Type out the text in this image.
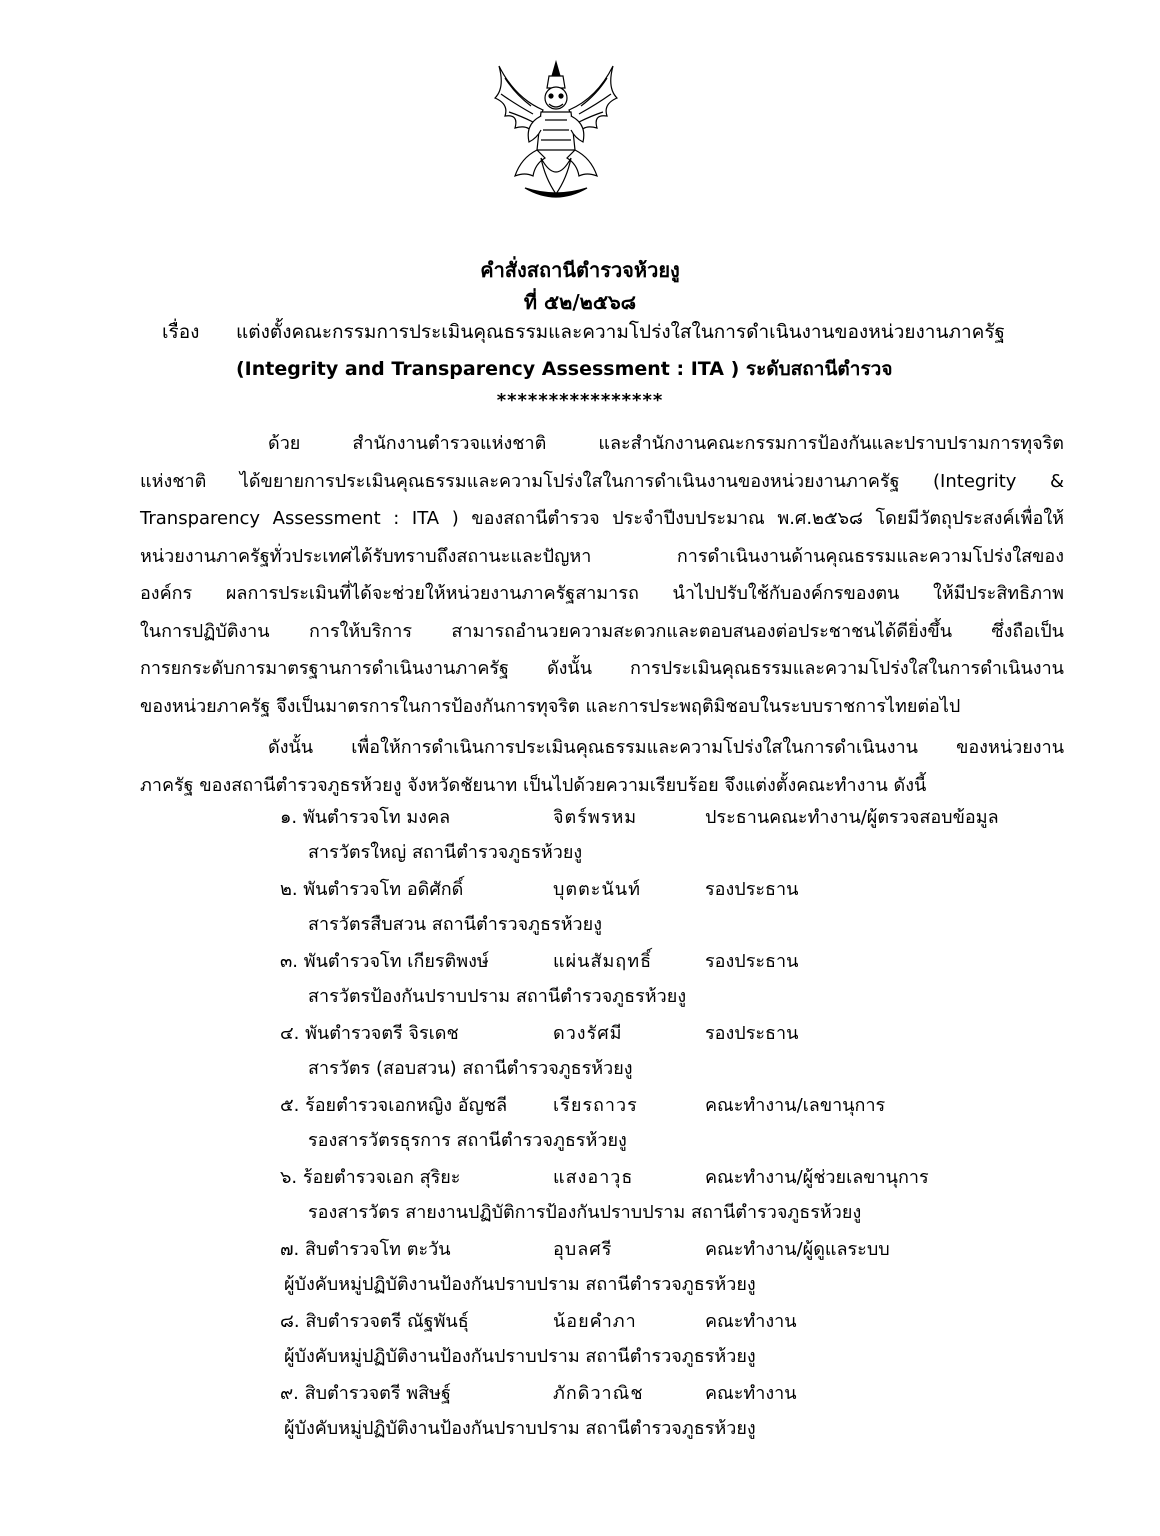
คำสั่งสถานีตำรวจห้วยงู
ที่ ๕๒/๒๕๖๘
เรื่อง แต่งตั้งคณะกรรมการประเมินคุณธรรมและความโปร่งใสในการดำเนินงานของหน่วยงานภาครัฐ
(Integrity and Transparency Assessment : ITA ) ระดับสถานีตำรวจ
****************
ด้วย สำนักงานตำรวจแห่งชาติ และสำนักงานคณะกรรมการป้องกันและปราบปรามการทุจริต
แห่งชาติ ได้ขยายการประเมินคุณธรรมและความโปร่งใสในการดำเนินงานของหน่วยงานภาครัฐ (Integrity &
Transparency Assessment : ITA ) ของสถานีตำรวจ ประจำปีงบประมาณ พ.ศ.๒๕๖๘ โดยมีวัตถุประสงค์เพื่อให้
หน่วยงานภาครัฐทั่วประเทศได้รับทราบถึงสถานะและปัญหา การดำเนินงานด้านคุณธรรมและความโปร่งใสของ
องค์กร ผลการประเมินที่ได้จะช่วยให้หน่วยงานภาครัฐสามารถ นำไปปรับใช้กับองค์กรของตน ให้มีประสิทธิภาพ
ในการปฏิบัติงาน การให้บริการ สามารถอำนวยความสะดวกและตอบสนองต่อประชาชนได้ดียิ่งขึ้น ซึ่งถือเป็น
การยกระดับการมาตรฐานการดำเนินงานภาครัฐ ดังนั้น การประเมินคุณธรรมและความโปร่งใสในการดำเนินงาน
ของหน่วยภาครัฐ จึงเป็นมาตรการในการป้องกันการทุจริต และการประพฤติมิชอบในระบบราชการไทยต่อไป
ดังนั้น เพื่อให้การดำเนินการประเมินคุณธรรมและความโปร่งใสในการดำเนินงาน ของหน่วยงาน
ภาครัฐ ของสถานีตำรวจภูธรห้วยงู จังหวัดชัยนาท เป็นไปด้วยความเรียบร้อย จึงแต่งตั้งคณะทำงาน ดังนี้
๑. พันตำรวจโท มงคล	จิตร์พรหม	ประธานคณะทำงาน/ผู้ตรวจสอบข้อมูล
สารวัตรใหญ่ สถานีตำรวจภูธรห้วยงู
๒. พันตำรวจโท อดิศักดิ์	บุตตะนันท์	รองประธาน
สารวัตรสืบสวน สถานีตำรวจภูธรห้วยงู
๓. พันตำรวจโท เกียรติพงษ์	แผ่นสัมฤทธิ์	รองประธาน
สารวัตรป้องกันปราบปราม สถานีตำรวจภูธรห้วยงู
๔. พันตำรวจตรี จิรเดช	ดวงรัศมี	รองประธาน
สารวัตร (สอบสวน) สถานีตำรวจภูธรห้วยงู
๕. ร้อยตำรวจเอกหญิง อัญชลี	เรียรถาวร	คณะทำงาน/เลขานุการ
รองสารวัตรธุรการ สถานีตำรวจภูธรห้วยงู
๖. ร้อยตำรวจเอก สุริยะ	แสงอาวุธ	คณะทำงาน/ผู้ช่วยเลขานุการ
รองสารวัตร สายงานปฏิบัติการป้องกันปราบปราม สถานีตำรวจภูธรห้วยงู
๗. สิบตำรวจโท ตะวัน	อุบลศรี	คณะทำงาน/ผู้ดูแลระบบ
ผู้บังคับหมู่ปฏิบัติงานป้องกันปราบปราม สถานีตำรวจภูธรห้วยงู
๘. สิบตำรวจตรี ณัฐพันธุ์	น้อยคำภา	คณะทำงาน
ผู้บังคับหมู่ปฏิบัติงานป้องกันปราบปราม สถานีตำรวจภูธรห้วยงู
๙. สิบตำรวจตรี พสิษฐ์	ภักดิวาณิช	คณะทำงาน
ผู้บังคับหมู่ปฏิบัติงานป้องกันปราบปราม สถานีตำรวจภูธรห้วยงู
